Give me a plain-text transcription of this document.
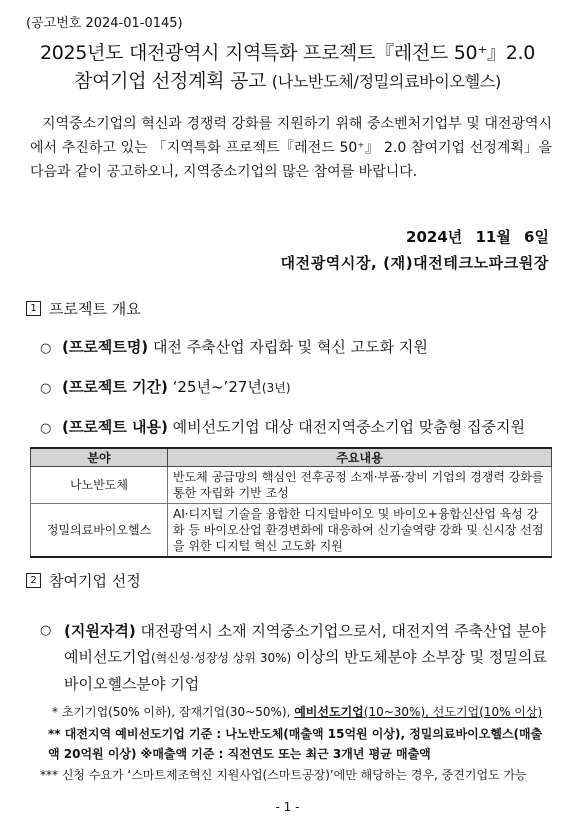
(공고번호 2024-01-0145)
2025년도 대전광역시 지역특화 프로젝트『레전드 50⁺』2.0
참여기업 선정계획 공고 (나노반도체/정밀의료바이오헬스)
지역중소기업의 혁신과 경쟁력 강화를 지원하기 위해 중소벤처기업부 및 대전광역시에서 추진하고 있는 「지역특화 프로젝트『레전드 50⁺』 2.0 참여기업 선정계획」을 다음과 같이 공고하오니, 지역중소기업의 많은 참여를 바랍니다.
2024년 11월 6일
대전광역시장, (재)대전테크노파크원장
1 프로젝트 개요
○ (프로젝트명) 대전 주축산업 자립화 및 혁신 고도화 지원
○ (프로젝트 기간) ‘25년~’27년(3년)
○ (프로젝트 내용) 예비선도기업 대상 대전지역중소기업 맞춤형 집중지원
분야	주요내용
나노반도체	반도체 공급망의 핵심인 전후공정 소재·부품·장비 기업의 경쟁력 강화를 통한 자립화 기반 조성
정밀의료바이오헬스	AI·디지털 기술을 융합한 디지털바이오 및 바이오+융합신산업 육성 강화 등 바이오산업 환경변화에 대응하여 신기술역량 강화 및 신시장 선점을 위한 디지털 혁신 고도화 지원
2 참여기업 선정
○ (지원자격) 대전광역시 소재 지역중소기업으로서, 대전지역 주축산업 분야 예비선도기업(혁신성·성장성 상위 30%) 이상의 반도체분야 소부장 및 정밀의료바이오헬스분야 기업
* 초기기업(50% 이하), 잠재기업(30~50%), 예비선도기업(10~30%), 선도기업(10% 이상)
** 대전지역 예비선도기업 기준 : 나노반도체(매출액 15억원 이상), 정밀의료바이오헬스(매출액 20억원 이상) ※매출액 기준 : 직전연도 또는 최근 3개년 평균 매출액
*** 신청 수요가 ‘스마트제조혁신 지원사업(스마트공장)’에만 해당하는 경우, 중견기업도 가능
- 1 -
